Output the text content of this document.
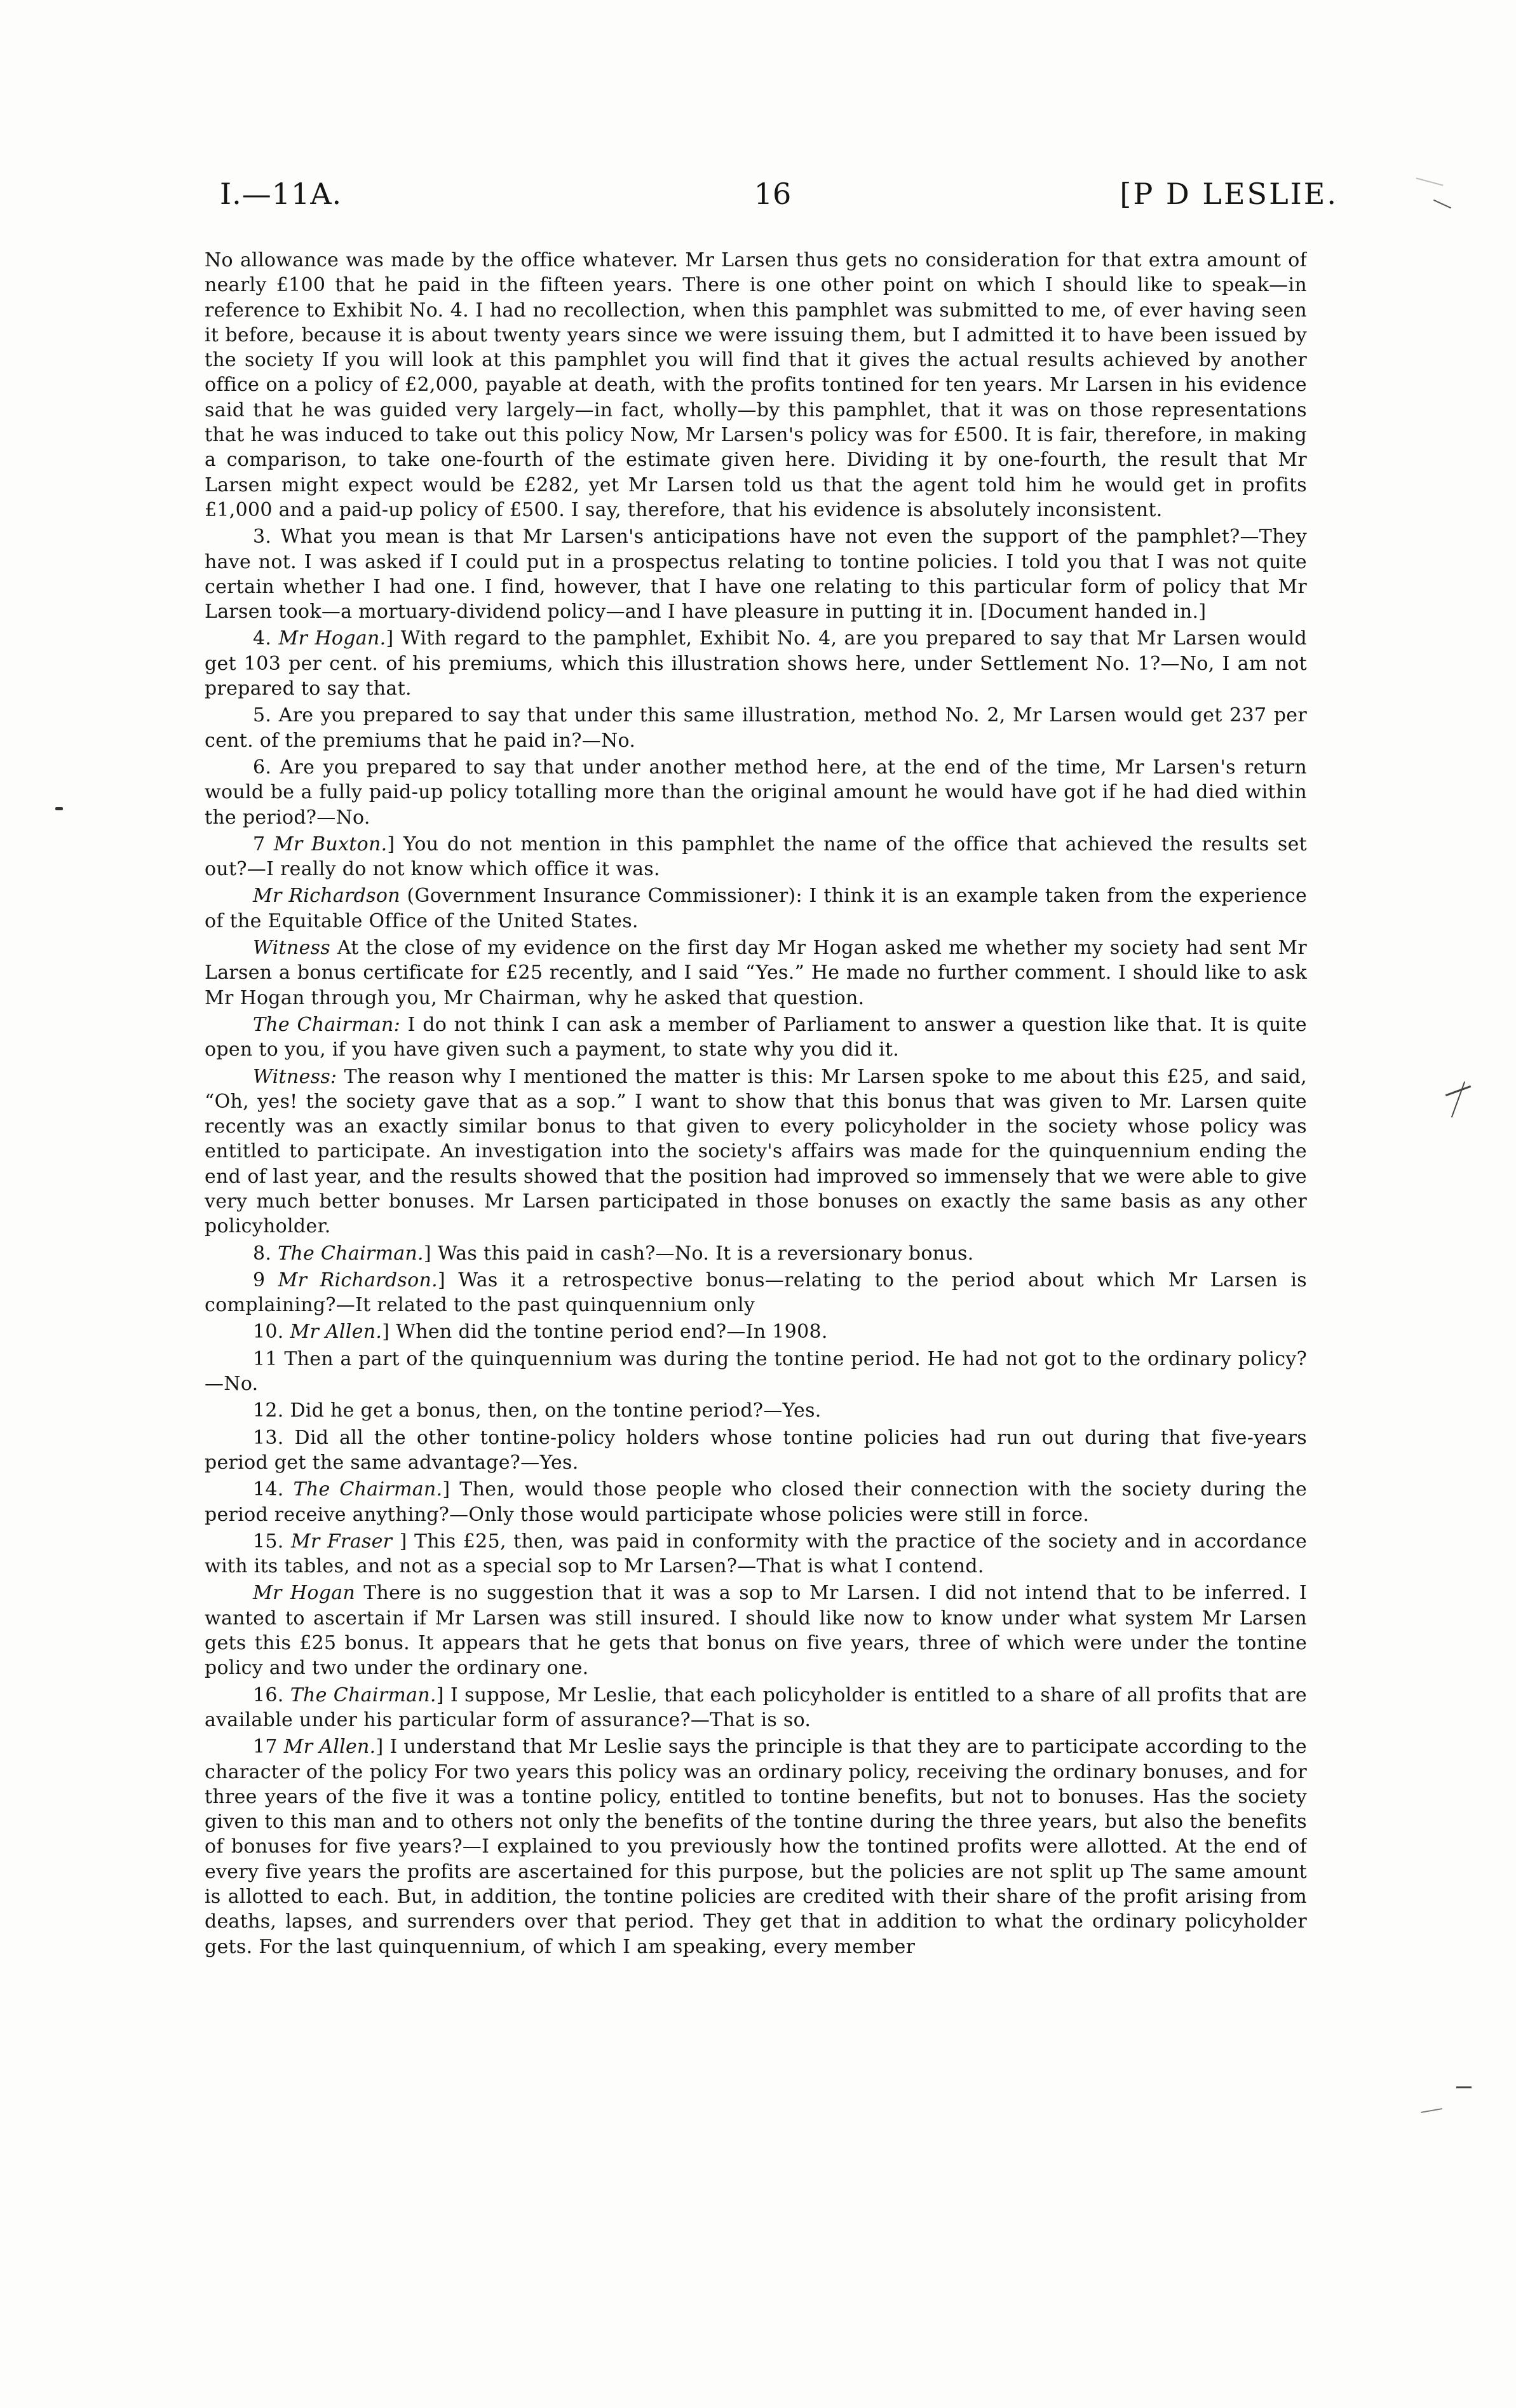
I.—11A.	16	[P D LESLIE.

No allowance was made by the office whatever. Mr Larsen thus gets no consideration for that extra amount of nearly £100 that he paid in the fifteen years. There is one other point on which I should like to speak—in reference to Exhibit No. 4. I had no recollection, when this pamphlet was submitted to me, of ever having seen it before, because it is about twenty years since we were issuing them, but I admitted it to have been issued by the society If you will look at this pamphlet you will find that it gives the actual results achieved by another office on a policy of £2,000, payable at death, with the profits tontined for ten years. Mr Larsen in his evidence said that he was guided very largely—in fact, wholly—by this pamphlet, that it was on those representations that he was induced to take out this policy Now, Mr Larsen's policy was for £500. It is fair, therefore, in making a comparison, to take one-fourth of the estimate given here. Dividing it by one-fourth, the result that Mr Larsen might expect would be £282, yet Mr Larsen told us that the agent told him he would get in profits £1,000 and a paid-up policy of £500. I say, therefore, that his evidence is absolutely inconsistent.

3. What you mean is that Mr Larsen's anticipations have not even the support of the pamphlet?—They have not. I was asked if I could put in a prospectus relating to tontine policies. I told you that I was not quite certain whether I had one. I find, however, that I have one relating to this particular form of policy that Mr Larsen took—a mortuary-dividend policy—and I have pleasure in putting it in. [Document handed in.]

4. Mr Hogan.] With regard to the pamphlet, Exhibit No. 4, are you prepared to say that Mr Larsen would get 103 per cent. of his premiums, which this illustration shows here, under Settlement No. 1?—No, I am not prepared to say that.

5. Are you prepared to say that under this same illustration, method No. 2, Mr Larsen would get 237 per cent. of the premiums that he paid in?—No.

6. Are you prepared to say that under another method here, at the end of the time, Mr Larsen's return would be a fully paid-up policy totalling more than the original amount he would have got if he had died within the period?—No.

7 Mr Buxton.] You do not mention in this pamphlet the name of the office that achieved the results set out?—I really do not know which office it was.

Mr Richardson (Government Insurance Commissioner): I think it is an example taken from the experience of the Equitable Office of the United States.

Witness At the close of my evidence on the first day Mr Hogan asked me whether my society had sent Mr Larsen a bonus certificate for £25 recently, and I said “Yes.” He made no further comment. I should like to ask Mr Hogan through you, Mr Chairman, why he asked that question.

The Chairman: I do not think I can ask a member of Parliament to answer a question like that. It is quite open to you, if you have given such a payment, to state why you did it.

Witness: The reason why I mentioned the matter is this: Mr Larsen spoke to me about this £25, and said, “Oh, yes! the society gave that as a sop.” I want to show that this bonus that was given to Mr. Larsen quite recently was an exactly similar bonus to that given to every policyholder in the society whose policy was entitled to participate. An investigation into the society's affairs was made for the quinquennium ending the end of last year, and the results showed that the position had improved so immensely that we were able to give very much better bonuses. Mr Larsen participated in those bonuses on exactly the same basis as any other policyholder.

8. The Chairman.] Was this paid in cash?—No. It is a reversionary bonus.

9 Mr Richardson.] Was it a retrospective bonus—relating to the period about which Mr Larsen is complaining?—It related to the past quinquennium only

10. Mr Allen.] When did the tontine period end?—In 1908.

11 Then a part of the quinquennium was during the tontine period. He had not got to the ordinary policy?—No.

12. Did he get a bonus, then, on the tontine period?—Yes.

13. Did all the other tontine-policy holders whose tontine policies had run out during that five-years period get the same advantage?—Yes.

14. The Chairman.] Then, would those people who closed their connection with the society during the period receive anything?—Only those would participate whose policies were still in force.

15. Mr Fraser ] This £25, then, was paid in conformity with the practice of the society and in accordance with its tables, and not as a special sop to Mr Larsen?—That is what I contend.

Mr Hogan There is no suggestion that it was a sop to Mr Larsen. I did not intend that to be inferred. I wanted to ascertain if Mr Larsen was still insured. I should like now to know under what system Mr Larsen gets this £25 bonus. It appears that he gets that bonus on five years, three of which were under the tontine policy and two under the ordinary one.

16. The Chairman.] I suppose, Mr Leslie, that each policyholder is entitled to a share of all profits that are available under his particular form of assurance?—That is so.

17 Mr Allen.] I understand that Mr Leslie says the principle is that they are to participate according to the character of the policy For two years this policy was an ordinary policy, receiving the ordinary bonuses, and for three years of the five it was a tontine policy, entitled to tontine benefits, but not to bonuses. Has the society given to this man and to others not only the benefits of the tontine during the three years, but also the benefits of bonuses for five years?—I explained to you previously how the tontined profits were allotted. At the end of every five years the profits are ascertained for this purpose, but the policies are not split up The same amount is allotted to each. But, in addition, the tontine policies are credited with their share of the profit arising from deaths, lapses, and surrenders over that period. They get that in addition to what the ordinary policyholder gets. For the last quinquennium, of which I am speaking, every member
